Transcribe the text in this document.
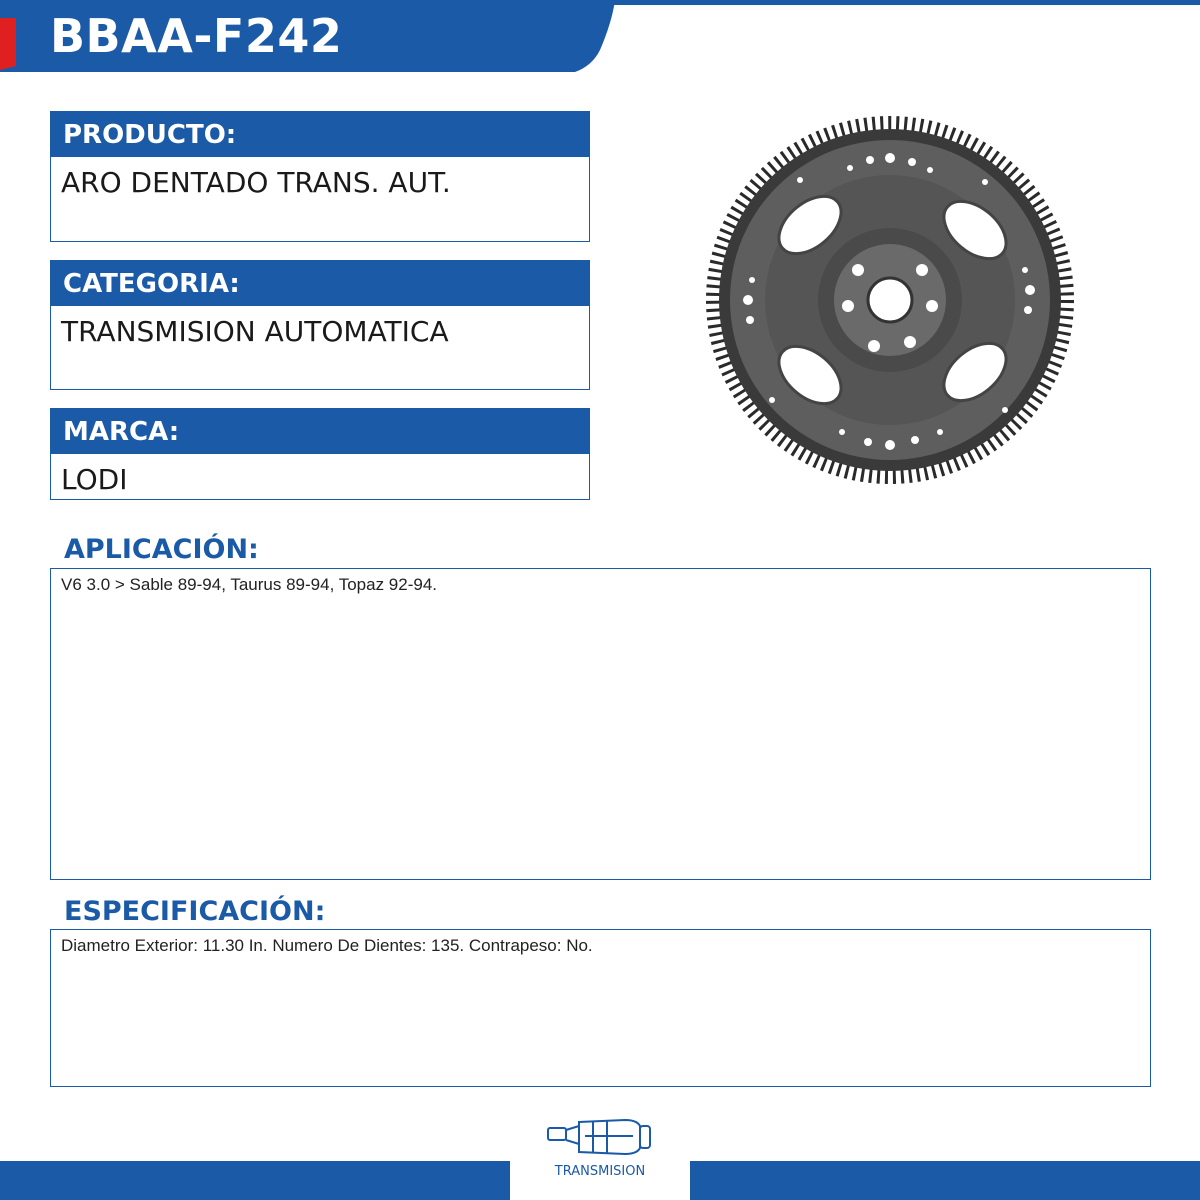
BBAA-F242
PRODUCTO:
ARO DENTADO TRANS. AUT.
CATEGORIA:
TRANSMISION AUTOMATICA
MARCA:
LODI
APLICACIÓN:
V6 3.0 > Sable 89-94, Taurus 89-94, Topaz 92-94.
ESPECIFICACIÓN:
Diametro Exterior: 11.30 In. Numero De Dientes: 135. Contrapeso: No.
TRANSMISION
